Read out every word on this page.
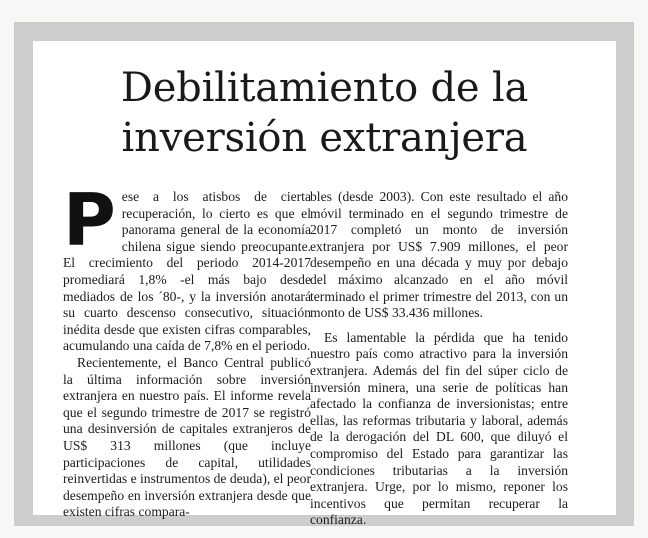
Debilitamiento de la
inversión extranjera

Pese a los atisbos de cierta recuperación, lo cierto es que el panorama general de la economía chilena sigue siendo preocupante. El crecimiento del periodo 2014-2017 promediará 1,8% -el más bajo desde mediados de los ´80-, y la inversión anotará su cuarto descenso consecutivo, situación inédita desde que existen cifras comparables, acumulando una caída de 7,8% en el periodo.

Recientemente, el Banco Central publicó la última información sobre inversión extranjera en nuestro país. El informe revela que el segundo trimestre de 2017 se registró una desinversión de capitales extranjeros de US$ 313 millones (que incluye participaciones de capital, utilidades reinvertidas e instrumentos de deuda), el peor desempeño en inversión extranjera desde que existen cifras compara-

bles (desde 2003). Con este resultado el año móvil terminado en el segundo trimestre de 2017 completó un monto de inversión extranjera por US$ 7.909 millones, el peor desempeño en una década y muy por debajo del máximo alcanzado en el año móvil terminado el primer trimestre del 2013, con un monto de US$ 33.436 millones.

Es lamentable la pérdida que ha tenido nuestro país como atractivo para la inversión extranjera. Además del fin del súper ciclo de inversión minera, una serie de políticas han afectado la confianza de inversionistas; entre ellas, las reformas tributaria y laboral, además de la derogación del DL 600, que diluyó el compromiso del Estado para garantizar las condiciones tributarias a la inversión extranjera. Urge, por lo mismo, reponer los incentivos que permitan recuperar la confianza.
